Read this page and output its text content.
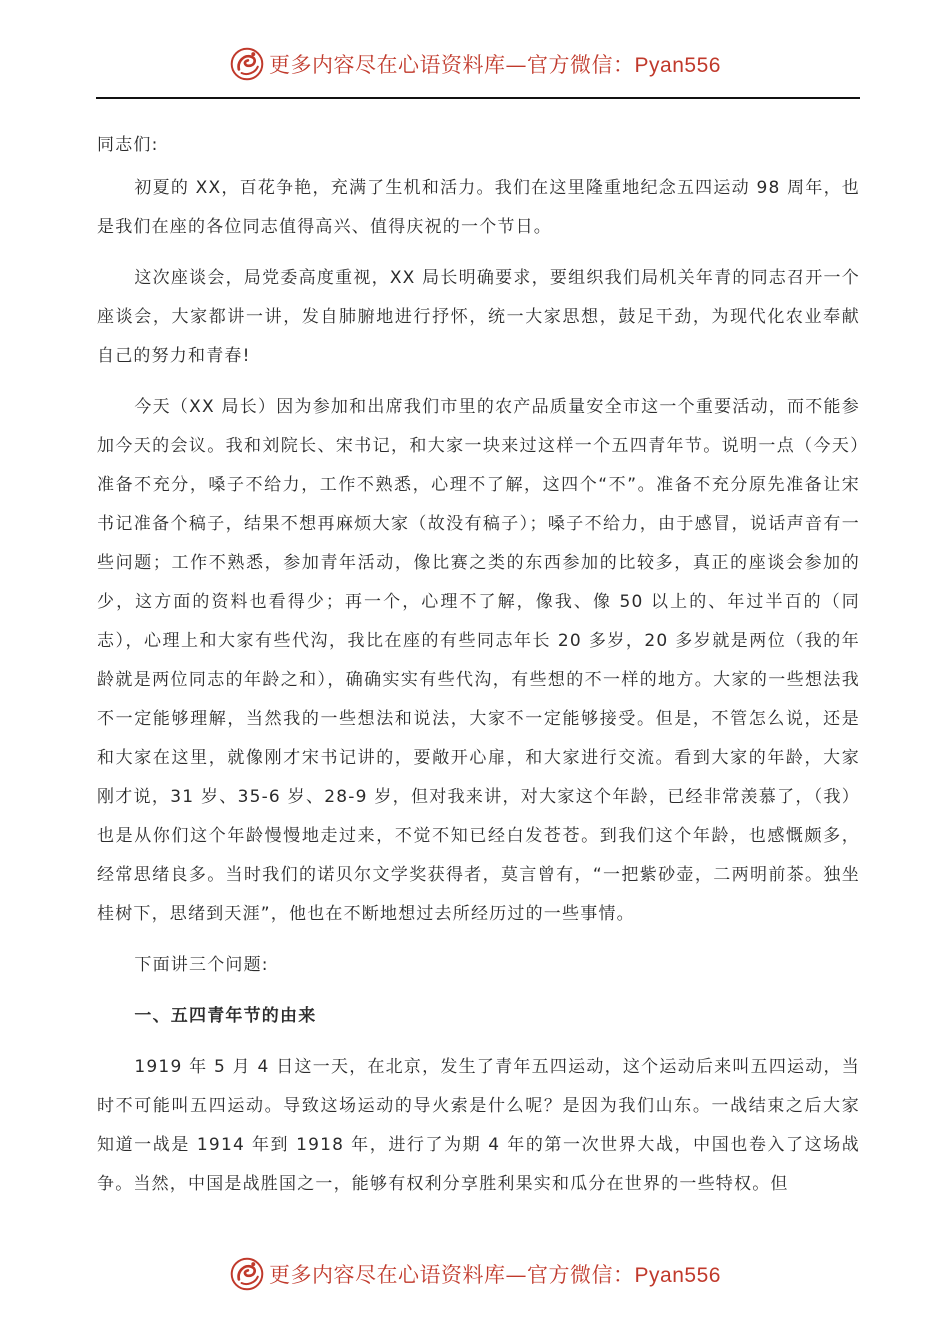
更多内容尽在心语资料库—官方微信：Pyan556

同志们:

初夏的 XX，百花争艳，充满了生机和活力。我们在这里隆重地纪念五四运动 98 周年，也是我们在座的各位同志值得高兴、值得庆祝的一个节日。

这次座谈会，局党委高度重视，XX 局长明确要求，要组织我们局机关年青的同志召开一个座谈会，大家都讲一讲，发自肺腑地进行抒怀，统一大家思想，鼓足干劲，为现代化农业奉献自己的努力和青春!

今天（XX 局长）因为参加和出席我们市里的农产品质量安全市这一个重要活动，而不能参加今天的会议。我和刘院长、宋书记，和大家一块来过这样一个五四青年节。说明一点（今天）准备不充分，嗓子不给力，工作不熟悉，心理不了解，这四个“不”。准备不充分原先准备让宋书记准备个稿子，结果不想再麻烦大家（故没有稿子）；嗓子不给力，由于感冒，说话声音有一些问题；工作不熟悉，参加青年活动，像比赛之类的东西参加的比较多，真正的座谈会参加的少，这方面的资料也看得少；再一个，心理不了解，像我、像 50 以上的、年过半百的（同志），心理上和大家有些代沟，我比在座的有些同志年长 20 多岁，20 多岁就是两位（我的年龄就是两位同志的年龄之和），确确实实有些代沟，有些想的不一样的地方。大家的一些想法我不一定能够理解，当然我的一些想法和说法，大家不一定能够接受。但是，不管怎么说，还是和大家在这里，就像刚才宋书记讲的，要敞开心扉，和大家进行交流。看到大家的年龄，大家刚才说，31 岁、35-6 岁、28-9 岁，但对我来讲，对大家这个年龄，已经非常羡慕了，（我）也是从你们这个年龄慢慢地走过来，不觉不知已经白发苍苍。到我们这个年龄，也感慨颇多，经常思绪良多。当时我们的诺贝尔文学奖获得者，莫言曾有，“一把紫砂壶，二两明前茶。独坐桂树下，思绪到天涯”，他也在不断地想过去所经历过的一些事情。

下面讲三个问题:

一、五四青年节的由来

1919 年 5 月 4 日这一天，在北京，发生了青年五四运动，这个运动后来叫五四运动，当时不可能叫五四运动。导致这场运动的导火索是什么呢？是因为我们山东。一战结束之后大家知道一战是 1914 年到 1918 年，进行了为期 4 年的第一次世界大战，中国也卷入了这场战争。当然，中国是战胜国之一，能够有权利分享胜利果实和瓜分在世界的一些特权。但

更多内容尽在心语资料库—官方微信：Pyan556
